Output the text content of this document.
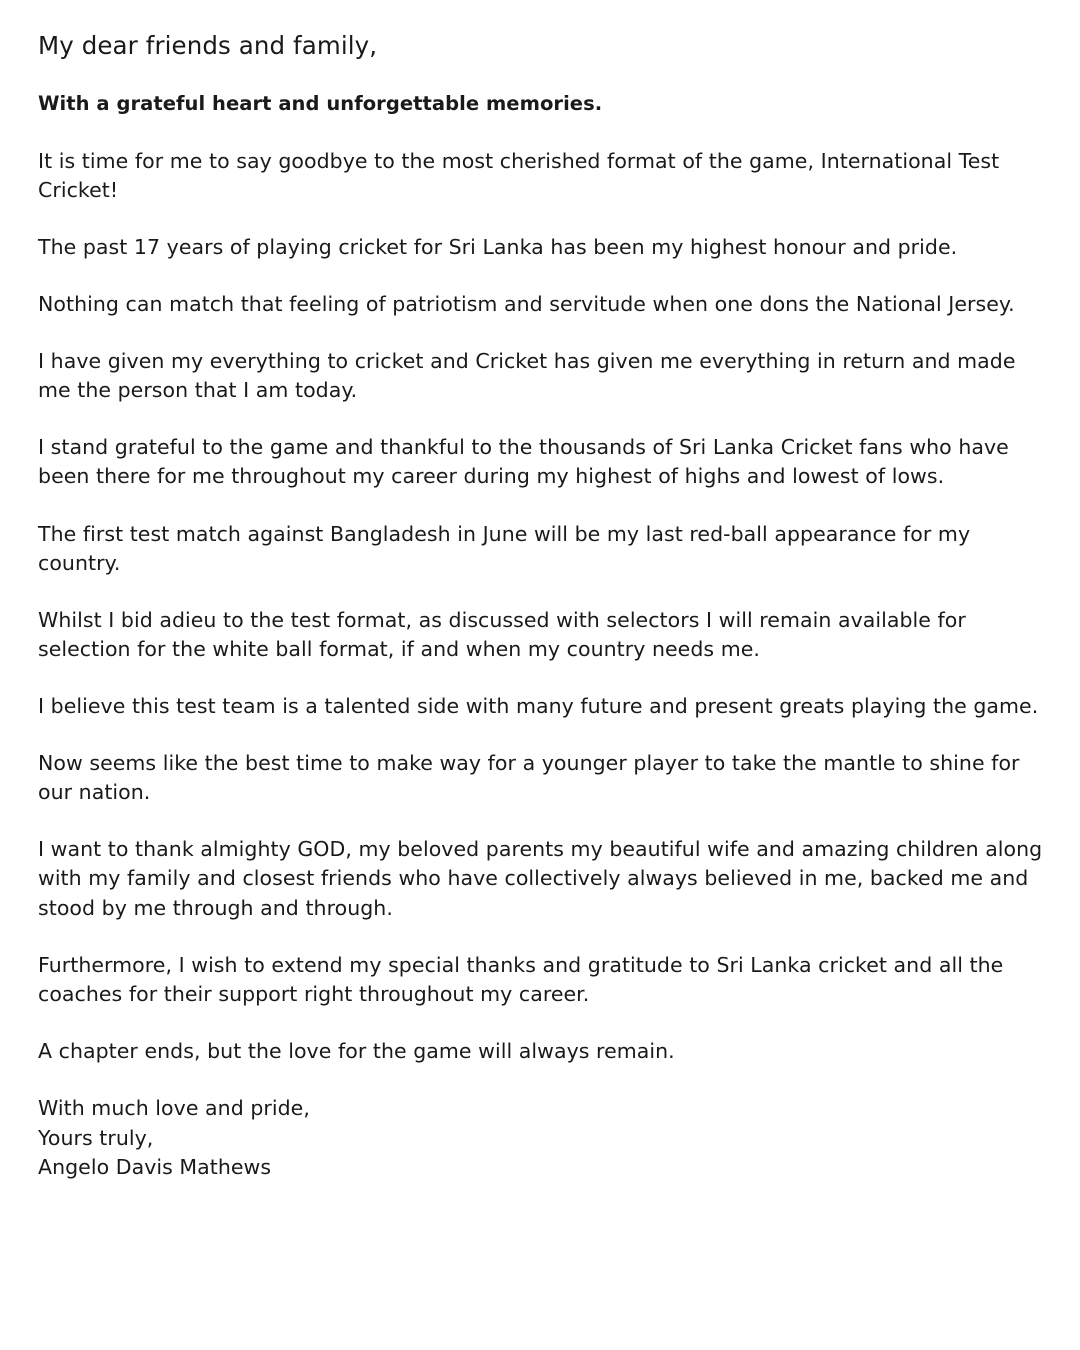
My dear friends and family,
With a grateful heart and unforgettable memories.

It is time for me to say goodbye to the most cherished format of the game, International Test Cricket!

The past 17 years of playing cricket for Sri Lanka has been my highest honour and pride.

Nothing can match that feeling of patriotism and servitude when one dons the National Jersey.

I have given my everything to cricket and Cricket has given me everything in return and made me the person that I am today.

I stand grateful to the game and thankful to the thousands of Sri Lanka Cricket fans who have been there for me throughout my career during my highest of highs and lowest of lows.

The first test match against Bangladesh in June will be my last red-ball appearance for my country.

Whilst I bid adieu to the test format, as discussed with selectors I will remain available for selection for the white ball format, if and when my country needs me.

I believe this test team is a talented side with many future and present greats playing the game.

Now seems like the best time to make way for a younger player to take the mantle to shine for our nation.

I want to thank almighty GOD, my beloved parents my beautiful wife and amazing children along with my family and closest friends who have collectively always believed in me, backed me and stood by me through and through.

Furthermore, I wish to extend my special thanks and gratitude to Sri Lanka cricket and all the coaches for their support right throughout my career.

A chapter ends, but the love for the game will always remain.

With much love and pride,
Yours truly,
Angelo Davis Mathews
